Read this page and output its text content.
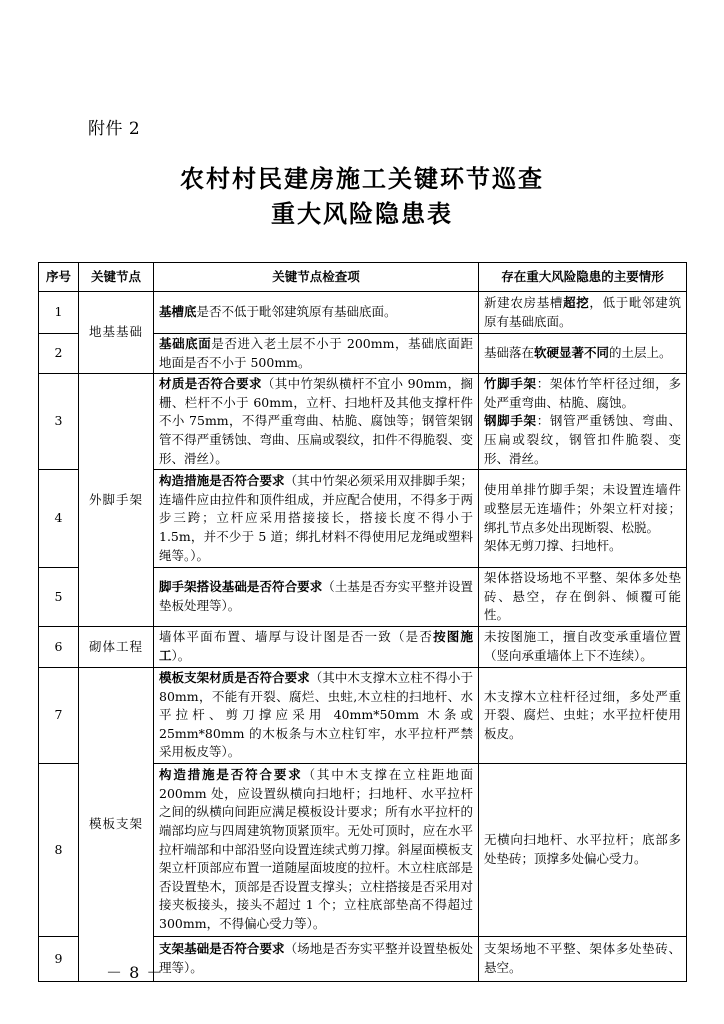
附件 2
农村村民建房施工关键环节巡查
重大风险隐患表
序号	关键节点	关键节点检查项	存在重大风险隐患的主要情形
1	地基基础	基槽底是否不低于毗邻建筑原有基础底面。	新建农房基槽超挖，低于毗邻建筑原有基础底面。
2		基础底面是否进入老土层不小于 200mm，基础底面距地面是否不小于 500mm。	基础落在软硬显著不同的土层上。
3	外脚手架	材质是否符合要求（其中竹架纵横杆不宜小 90mm，搁栅、栏杆不小于 60mm，立杆、扫地杆及其他支撑杆件不小 75mm，不得严重弯曲、枯脆、腐蚀等；钢管架钢管不得严重锈蚀、弯曲、压扁或裂纹，扣件不得脆裂、变形、滑丝）。	竹脚手架：架体竹竿杆径过细，多处严重弯曲、枯脆、腐蚀。

钢脚手架：钢管严重锈蚀、弯曲、压扁或裂纹，钢管扣件脆裂、变形、滑丝。

4		构造措施是否符合要求（其中竹架必须采用双排脚手架；连墙件应由拉件和顶件组成，并应配合使用，不得多于两步三跨；立杆应采用搭接接长，搭接长度不得小于 1.5m，并不少于 5 道；绑扎材料不得使用尼龙绳或塑料绳等。）。	使用单排竹脚手架；未设置连墙件或整层无连墙件；外架立杆对接；绑扎节点多处出现断裂、松脱。

架体无剪刀撑、扫地杆。

5		脚手架搭设基础是否符合要求（土基是否夯实平整并设置垫板处理等）。	架体搭设场地不平整、架体多处垫砖、悬空，存在倒斜、倾覆可能性。
6	砌体工程	墙体平面布置、墙厚与设计图是否一致（是否按图施工）。	未按图施工，擅自改变承重墙位置（竖向承重墙体上下不连续）。
7	模板支架	模板支架材质是否符合要求（其中木支撑木立柱不得小于 80mm，不能有开裂、腐烂、虫蛀,木立柱的扫地杆、水平拉杆、剪刀撑应采用 40mm*50mm 木条或 25mm*80mm 的木板条与木立柱钉牢，水平拉杆严禁采用板皮等）。	木支撑木立柱杆径过细，多处严重开裂、腐烂、虫蛀；水平拉杆使用板皮。
8		构造措施是否符合要求（其中木支撑在立柱距地面 200mm 处，应设置纵横向扫地杆；扫地杆、水平拉杆之间的纵横向间距应满足模板设计要求；所有水平拉杆的端部均应与四周建筑物顶紧顶牢。无处可顶时，应在水平拉杆端部和中部沿竖向设置连续式剪刀撑。斜屋面模板支架立杆顶部应布置一道随屋面坡度的拉杆。木立柱底部是否设置垫木，顶部是否设置支撑头；立柱搭接是否采用对接夹板接头，接头不超过 1 个；立柱底部垫高不得超过 300mm，不得偏心受力等）。	无横向扫地杆、水平拉杆；底部多处垫砖；顶撑多处偏心受力。
9		支架基础是否符合要求（场地是否夯实平整并设置垫板处理等）。	支架场地不平整、架体多处垫砖、悬空。
－ 8 －
